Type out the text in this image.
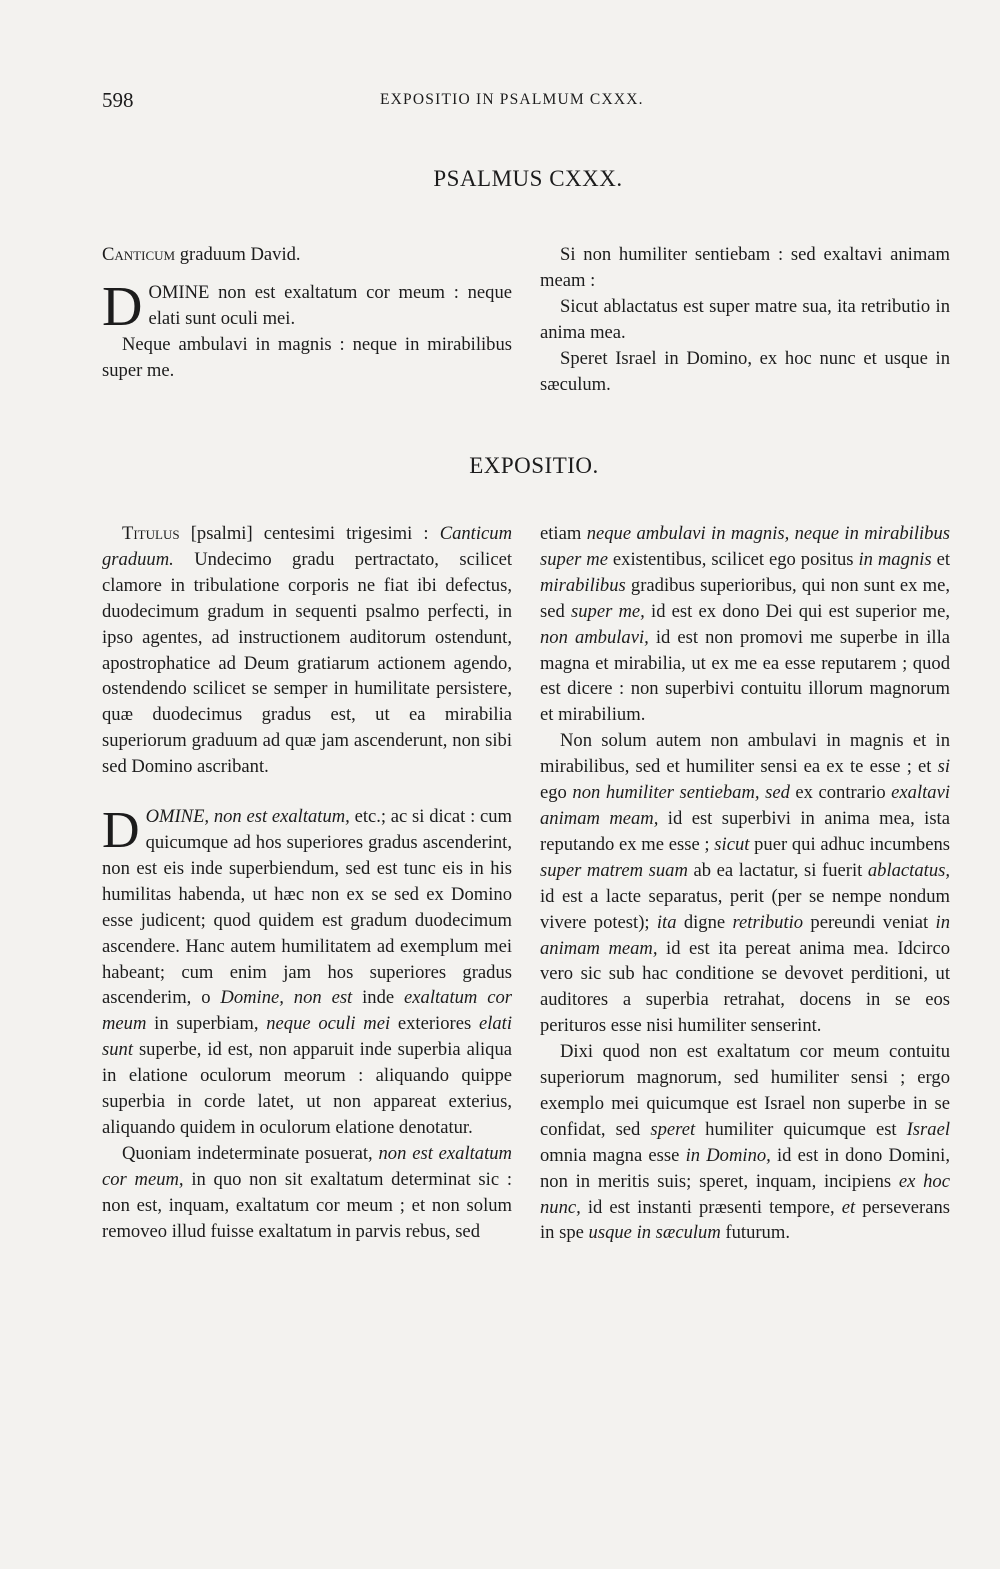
598	EXPOSITIO IN PSALMUM CXXX.
PSALMUS CXXX.

Canticum graduum David.

DOMINE non est exaltatum cor meum : neque elati sunt oculi mei.

Neque ambulavi in magnis : neque in mirabilibus super me.

Si non humiliter sentiebam : sed exaltavi animam meam :

Sicut ablactatus est super matre sua, ita retributio in anima mea.

Speret Israel in Domino, ex hoc nunc et usque in sæculum.

EXPOSITIO.

Titulus [psalmi] centesimi trigesimi : Canticum graduum. Undecimo gradu pertractato, scilicet clamore in tribulatione corporis ne fiat ibi defectus, duodecimum gradum in sequenti psalmo perfecti, in ipso agentes, ad instructionem auditorum ostendunt, apostrophatice ad Deum gratiarum actionem agendo, ostendendo scilicet se semper in humilitate persistere, quæ duodecimus gradus est, ut ea mirabilia superiorum graduum ad quæ jam ascenderunt, non sibi sed Domino ascribant.

DOMINE, non est exaltatum, etc.; ac si dicat : cum quicumque ad hos superiores gradus ascenderint, non est eis inde superbiendum, sed est tunc eis in his humilitas habenda, ut hæc non ex se sed ex Domino esse judicent; quod quidem est gradum duodecimum ascendere. Hanc autem humilitatem ad exemplum mei habeant; cum enim jam hos superiores gradus ascenderim, o Domine, non est inde exaltatum cor meum in superbiam, neque oculi mei exteriores elati sunt superbe, id est, non apparuit inde superbia aliqua in elatione oculorum meorum : aliquando quippe superbia in corde latet, ut non appareat exterius, aliquando quidem in oculorum elatione denotatur.

Quoniam indeterminate posuerat, non est exaltatum cor meum, in quo non sit exaltatum determinat sic : non est, inquam, exaltatum cor meum ; et non solum removeo illud fuisse exaltatum in parvis rebus, sed

etiam neque ambulavi in magnis, neque in mirabilibus super me existentibus, scilicet ego positus in magnis et mirabilibus gradibus superioribus, qui non sunt ex me, sed super me, id est ex dono Dei qui est superior me, non ambulavi, id est non promovi me superbe in illa magna et mirabilia, ut ex me ea esse reputarem ; quod est dicere : non superbivi contuitu illorum magnorum et mirabilium.

Non solum autem non ambulavi in magnis et in mirabilibus, sed et humiliter sensi ea ex te esse ; et si ego non humiliter sentiebam, sed ex contrario exaltavi animam meam, id est superbivi in anima mea, ista reputando ex me esse ; sicut puer qui adhuc incumbens super matrem suam ab ea lactatur, si fuerit ablactatus, id est a lacte separatus, perit (per se nempe nondum vivere potest); ita digne retributio pereundi veniat in animam meam, id est ita pereat anima mea. Idcirco vero sic sub hac conditione se devovet perditioni, ut auditores a superbia retrahat, docens in se eos perituros esse nisi humiliter senserint.

Dixi quod non est exaltatum cor meum contuitu superiorum magnorum, sed humiliter sensi ; ergo exemplo mei quicumque est Israel non superbe in se confidat, sed speret humiliter quicumque est Israel omnia magna esse in Domino, id est in dono Domini, non in meritis suis; speret, inquam, incipiens ex hoc nunc, id est instanti præsenti tempore, et perseverans in spe usque in sæculum futurum.
